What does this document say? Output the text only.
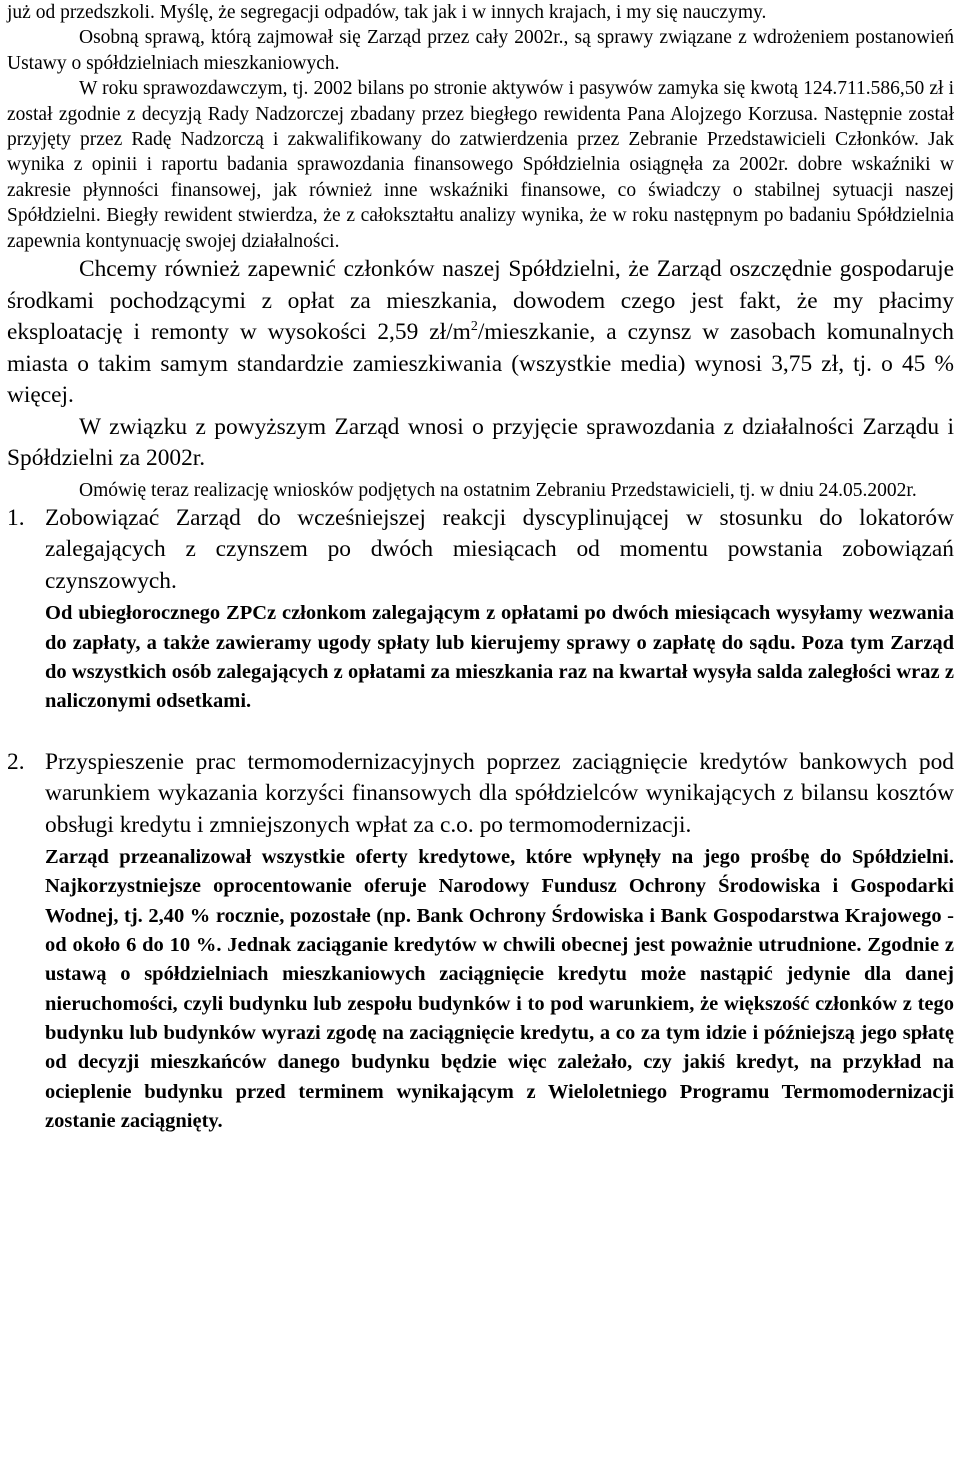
już od przedszkoli. Myślę, że segregacji odpadów, tak jak i w innych krajach, i my się nauczymy.

Osobną sprawą, którą zajmował się Zarząd przez cały 2002r., są sprawy związane z wdrożeniem postanowień Ustawy o spółdzielniach mieszkaniowych.

W roku sprawozdawczym, tj. 2002 bilans po stronie aktywów i pasywów zamyka się kwotą 124.711.586,50 zł i został zgodnie z decyzją Rady Nadzorczej zbadany przez biegłego rewidenta Pana Alojzego Korzusa. Następnie został przyjęty przez Radę Nadzorczą i zakwalifikowany do zatwierdzenia przez Zebranie Przedstawicieli Członków. Jak wynika z opinii i raportu badania sprawozdania finansowego Spółdzielnia osiągnęła za 2002r. dobre wskaźniki w zakresie płynności finansowej, jak również inne wskaźniki finansowe, co świadczy o stabilnej sytuacji naszej Spółdzielni. Biegły rewident stwierdza, że z całokształtu analizy wynika, że w roku następnym po badaniu Spółdzielnia zapewnia kontynuację swojej działalności.

Chcemy również zapewnić członków naszej Spółdzielni, że Zarząd oszczędnie gospodaruje środkami pochodzącymi z opłat za mieszkania, dowodem czego jest fakt, że my płacimy eksploatację i remonty w wysokości 2,59 $zł/m^2$/mieszkanie, a czynsz w zasobach komunalnych miasta o takim samym standardzie zamieszkiwania (wszystkie media) wynosi 3,75 zł, tj. o 45 % więcej.

W związku z powyższym Zarząd wnosi o przyjęcie sprawozdania z działalności Zarządu i Spółdzielni za 2002r.

Omówię teraz realizację wniosków podjętych na ostatnim Zebraniu Przedstawicieli, tj. w dniu 24.05.2002r.

1. Zobowiązać Zarząd do wcześniejszej reakcji dyscyplinującej w stosunku do lokatorów zalegających z czynszem po dwóch miesiącach od momentu powstania zobowiązań czynszowych.

Od ubiegłorocznego ZPCz członkom zalegającym z opłatami po dwóch miesiącach wysyłamy wezwania do zapłaty, a także zawieramy ugody spłaty lub kierujemy sprawy o zapłatę do sądu. Poza tym Zarząd do wszystkich osób zalegających z opłatami za mieszkania raz na kwartał wysyła salda zaległości wraz z naliczonymi odsetkami.

2. Przyspieszenie prac termomodernizacyjnych poprzez zaciągnięcie kredytów bankowych pod warunkiem wykazania korzyści finansowych dla spółdzielców wynikających z bilansu kosztów obsługi kredytu i zmniejszonych wpłat za c.o. po termomodernizacji.

Zarząd przeanalizował wszystkie oferty kredytowe, które wpłynęły na jego prośbę do Spółdzielni. Najkorzystniejsze oprocentowanie oferuje Narodowy Fundusz Ochrony Środowiska i Gospodarki Wodnej, tj. 2,40 % rocznie, pozostałe (np. Bank Ochrony Śrdowiska i Bank Gospodarstwa Krajowego - od około 6 do 10 %. Jednak zaciąganie kredytów w chwili obecnej jest poważnie utrudnione. Zgodnie z ustawą o spółdzielniach mieszkaniowych zaciągnięcie kredytu może nastąpić jedynie dla danej nieruchomości, czyli budynku lub zespołu budynków i to pod warunkiem, że większość członków z tego budynku lub budynków wyrazi zgodę na zaciągnięcie kredytu, a co za tym idzie i późniejszą jego spłatę od decyzji mieszkańców danego budynku będzie więc zależało, czy jakiś kredyt, na przykład na ocieplenie budynku przed terminem wynikającym z Wieloletniego Programu Termomodernizacji zostanie zaciągnięty.
